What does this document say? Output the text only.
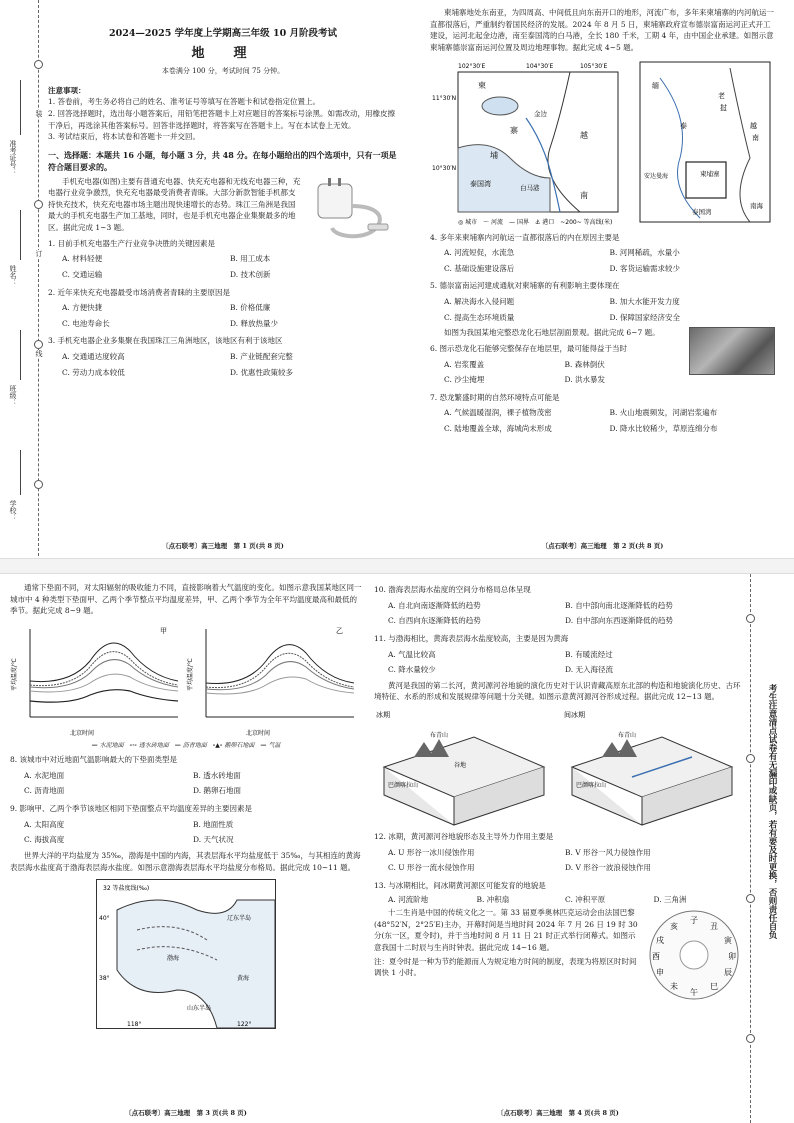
准考证号：
姓名：
班级：
学校：
装
订
线
2024—2025 学年度上学期高三年级 10 月阶段考试
地　理
本卷满分 100 分，考试时间 75 分钟。
注意事项：
1. 答卷前，考生务必将自己的姓名、准考证号等填写在答题卡和试卷指定位置上。
2. 回答选择题时，选出每小题答案后，用铅笔把答题卡上对应题目的答案标号涂黑。如需改动，用橡皮擦干净后，再选涂其他答案标号。回答非选择题时，将答案写在答题卡上。写在本试卷上无效。
3. 考试结束后，将本试卷和答题卡一并交回。
一、选择题：本题共 16 小题，每小题 3 分，共 48 分。在每小题给出的四个选项中，只有一项是符合题目要求的。
手机充电器(如图)主要有普通充电器、快充充电器和无线充电器三种，充电器行业竞争激烈，快充充电器最受消费者青睐。大部分新款智能手机都支持快充技术，快充充电器市场主题出现快速增长的态势。珠江三角洲是我国最大的手机充电器生产加工基地，同时，也是手机充电器企业集聚最多的地区。据此完成 1~3 题。
1. 目前手机充电器生产行业竞争决胜的关键因素是
A. 材料轻便	B. 用工成本
C. 交通运输	D. 技术创新
2. 近年来快充充电器最受市场消费者青睐的主要原因是
A. 方便快捷	B. 价格低廉
C. 电池寿命长	D. 释放热量少
3. 手机充电器企业多集聚在我国珠江三角洲地区，该地区有利于该地区
A. 交通通达度较高	B. 产业链配套完整
C. 劳动力成本较低	D. 优惠性政策较多
〔点石联考〕高三地理　第 1 页(共 8 页)
柬埔寨地处东南亚，为四周高、中间低且向东南开口的地形，河流广布，多年来柬埔寨的内河航运一直都很落后，严重制约着国民经济的发展。2024 年 8 月 5 日，柬埔寨政府宣布德崇富南运河正式开工建设，运河北起金边港，南至泰国湾的白马港，全长 180 千米，工期 4 年，由中国企业承建。如图示意柬埔寨德崇富南运河位置及周边地理事物。据此完成 4~5 题。
102°30′E	104°30′E	105°30′E
11°30′N
10°30′N
柬
寨
埔
越
南
金边
白马港
泰国湾
缅
老
挝
越
南
泰
柬埔寨
安达曼海
南海
泰国湾
◎ 城市　～ 河流　— 国界　⚓ 港口　~200~ 等高线(米)
4. 多年来柬埔寨内河航运一直都很落后的内在原因主要是
A. 河流短促，水流急	B. 河网稀疏，水量小
C. 基础设施建设落后	D. 客货运输需求较少
5. 德崇富南运河建成通航对柬埔寨的有利影响主要体现在
A. 解决海水入侵问题	B. 加大水能开发力度
C. 提高生态环境质量	D. 保障国家经济安全
如图为我国某地完整恐龙化石地层剖面景观。据此完成 6~7 题。
6. 图示恐龙化石能够完整保存在地层里，最可能得益于当时
A. 岩浆覆盖	B. 森林倒伏
C. 沙尘掩埋	D. 洪水暴发
7. 恐龙繁盛时期的自然环境特点可能是
A. 气候温暖湿润，裸子植物茂密	B. 火山地震频发，河湖岩浆遍布
C. 陆地覆盖全球，海城尚未形成	D. 降水比较稀少，草原连绵分布
〔点石联考〕高三地理　第 2 页(共 8 页)
通常下垫面不同，对太阳辐射的吸收能力不同，直接影响着大气温度的变化。如图示意我国某地区同一城市中 4 种类型下垫面甲、乙两个季节整点平均温度差异，甲、乙两个季节为全年平均温度最高和最低的季节。据此完成 8~9 题。
甲
平均温度/℃
北京时间
乙
平均温度/℃
北京时间
— 水泥地面 -·- 透水砖地面 — 沥青地面 -▲- 鹅卵石地面 — 气温
8. 该城市中对近地面气温影响最大的下垫面类型是
A. 水泥地面	B. 透水砖地面
C. 沥青地面	D. 鹅卵石地面
9. 影响甲、乙两个季节该地区相同下垫面整点平均温度差异的主要因素是
A. 太阳高度	B. 地面性质
C. 海拔高度	D. 天气状况
世界大洋的平均盐度为 35‰，渤海是中国的内海，其表层海水平均盐度低于 35‰，与其相连的黄海表层海水盐度高于渤海表层海水盐度。如图示意渤海表层海水平均盐度分布格局。据此完成 10~11 题。
32 等盐度线(‰)
辽东半岛
山东半岛
渤海
黄海
40°
38°
118°	122°
〔点石联考〕高三地理　第 3 页(共 8 页)
10. 渤海表层海水盐度的空间分布格局总体呈现
A. 自北向南逐渐降低的趋势	B. 自中部向南北逐渐降低的趋势
C. 自西向东逐渐降低的趋势	D. 自中部向东西逐渐降低的趋势
11. 与渤海相比，黄海表层海水盐度较高，主要是因为黄海
A. 气温比较高	B. 有暖流经过
C. 降水量较少	D. 无入海径流
黄河是我国的第二长河，黄河源河谷地貌的演化历史对于认识青藏高原东北部的构造和地貌演化历史、古环境特征、水系的形成和发展规律等问题十分关键。如图示意黄河源河谷形成过程。据此完成 12~13 题。
冰期
布青山
谷地
巴颜喀拉山
间冰期
布青山
巴颜喀拉山
12. 冰期，黄河源河谷地貌形态及主导外力作用主要是
A. U 形谷一冰川侵蚀作用	B. V 形谷一风力侵蚀作用
C. U 形谷一流水侵蚀作用	D. V 形谷一波浪侵蚀作用
13. 与冰期相比，间冰期黄河源区可能发育的地貌是
A. 河流阶地	B. 冲积扇	C. 冲积平原	D. 三角洲
子
丑
寅
卯
辰
巳
午
未
申
酉
戌
亥
十二生肖是中国的传统文化之一。第 33 届夏季奥林匹克运动会由法国巴黎(48°52′N，2°25′E)主办，开幕时间是当地时间 2024 年 7 月 26 日 19 时 30 分(东一区，夏令时)，并于当地时间 8 月 11 日 21 时正式举行闭幕式。如图示意我国十二时辰与生肖时钟表。据此完成 14~16 题。
注：夏令时是一种为节约能源而人为规定地方时间的制度，表现为将原区时时间调快 1 小时。
〔点石联考〕高三地理　第 4 页(共 8 页)
考生注意清点试卷有无漏印或缺页，若有要及时更换，否则责任自负
